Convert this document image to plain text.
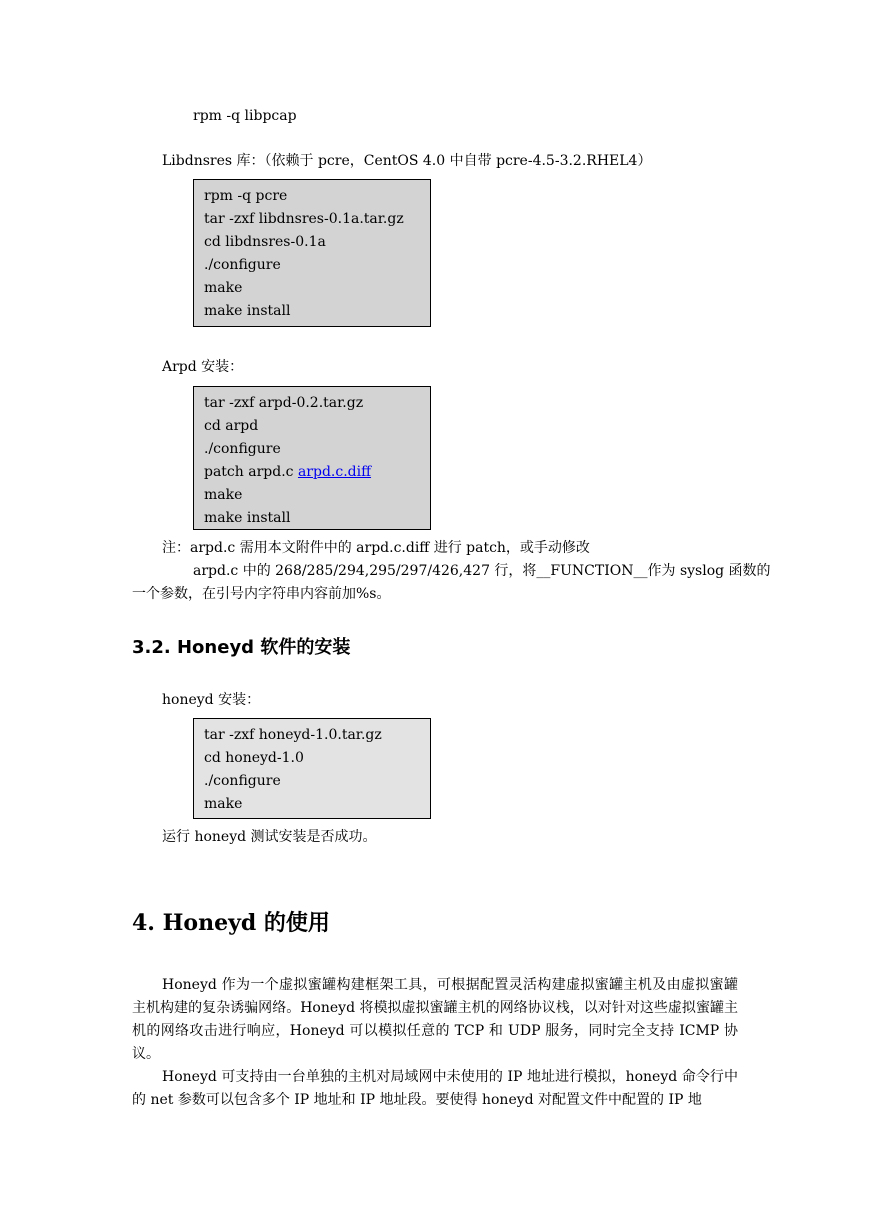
rpm -q libpcap
Libdnsres 库：（依赖于 pcre，CentOS 4.0 中自带 pcre-4.5-3.2.RHEL4）
rpm -q pcre
tar -zxf libdnsres-0.1a.tar.gz
cd libdnsres-0.1a
./configure
make
make install
Arpd 安装：
tar -zxf arpd-0.2.tar.gz
cd arpd
./configure
patch arpd.c arpd.c.diff
make
make install
注：arpd.c 需用本文附件中的 arpd.c.diff 进行 patch，或手动修改
arpd.c 中的 268/285/294,295/297/426,427 行，将__FUNCTION__作为 syslog 函数的
一个参数，在引号内字符串内容前加%s。
3.2. Honeyd 软件的安装
honeyd 安装：
tar -zxf honeyd-1.0.tar.gz
cd honeyd-1.0
./configure
make
运行 honeyd 测试安装是否成功。
4. Honeyd 的使用

Honeyd 作为一个虚拟蜜罐构建框架工具，可根据配置灵活构建虚拟蜜罐主机及由虚拟蜜罐主机构建的复杂诱骗网络。Honeyd 将模拟虚拟蜜罐主机的网络协议栈，以对针对这些虚拟蜜罐主机的网络攻击进行响应，Honeyd 可以模拟任意的 TCP 和 UDP 服务，同时完全支持 ICMP 协议。

Honeyd 可支持由一台单独的主机对局域网中未使用的 IP 地址进行模拟，honeyd 命令行中的 net 参数可以包含多个 IP 地址和 IP 地址段。要使得 honeyd 对配置文件中配置的 IP 地
